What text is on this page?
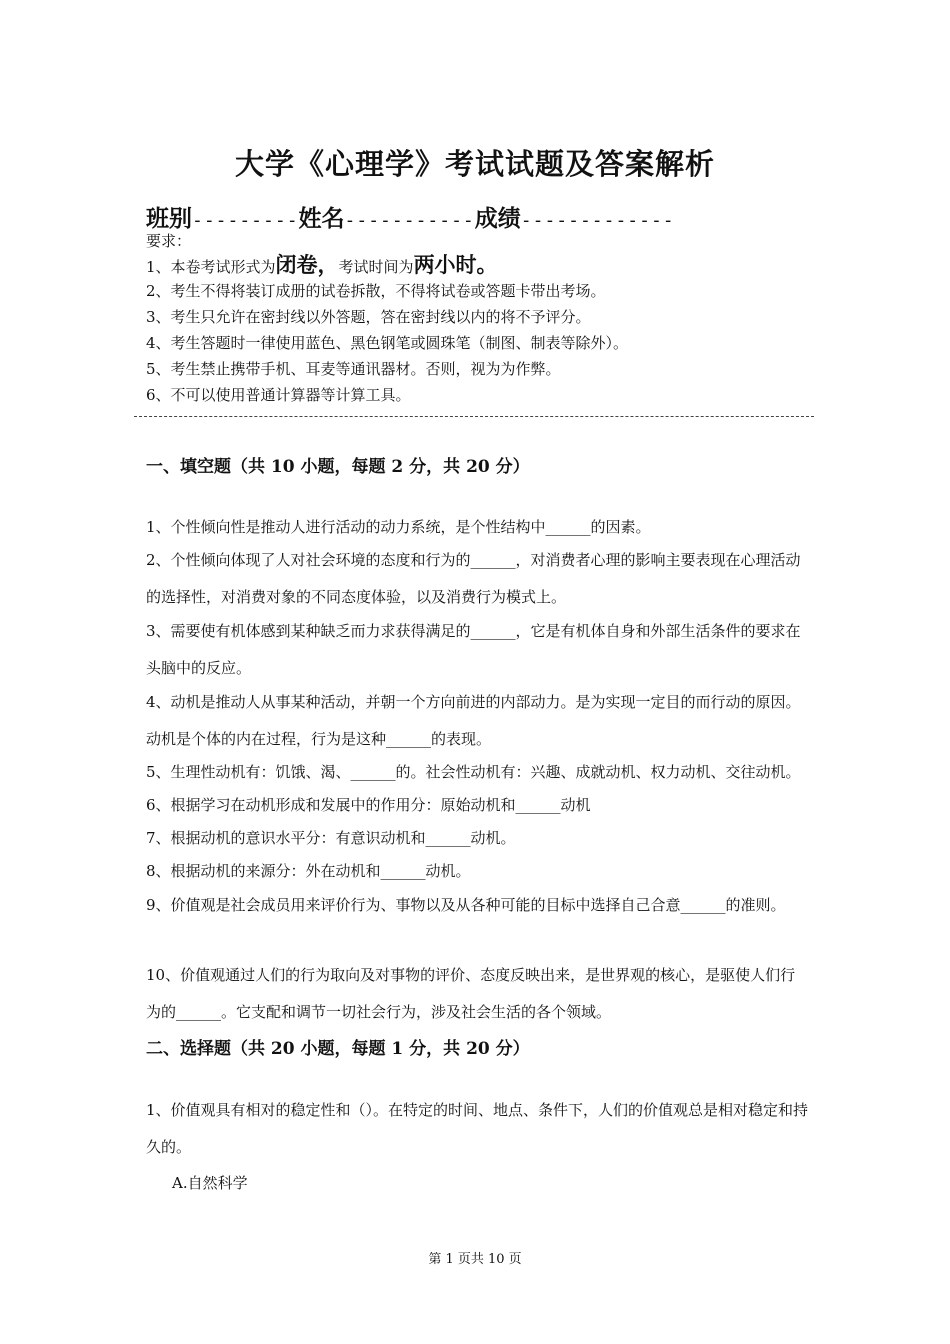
大学《心理学》考试试题及答案解析
班别---------姓名-----------成绩-------------
要求：
1、本卷考试形式为闭卷，考试时间为两小时。
2、考生不得将装订成册的试卷拆散，不得将试卷或答题卡带出考场。
3、考生只允许在密封线以外答题，答在密封线以内的将不予评分。
4、考生答题时一律使用蓝色、黑色钢笔或圆珠笔（制图、制表等除外）。
5、考生禁止携带手机、耳麦等通讯器材。否则，视为为作弊。
6、不可以使用普通计算器等计算工具。
一、填空题（共 10 小题，每题 2 分，共 20 分）
1、个性倾向性是推动人进行活动的动力系统，是个性结构中______的因素。
2、个性倾向体现了人对社会环境的态度和行为的______，对消费者心理的影响主要表现在心理活动的选择性，对消费对象的不同态度体验，以及消费行为模式上。
3、需要使有机体感到某种缺乏而力求获得满足的______，它是有机体自身和外部生活条件的要求在头脑中的反应。
4、动机是推动人从事某种活动，并朝一个方向前进的内部动力。是为实现一定目的而行动的原因。动机是个体的内在过程，行为是这种______的表现。
5、生理性动机有：饥饿、渴、______的。社会性动机有：兴趣、成就动机、权力动机、交往动机。
6、根据学习在动机形成和发展中的作用分：原始动机和______动机
7、根据动机的意识水平分：有意识动机和______动机。
8、根据动机的来源分：外在动机和______动机。
9、价值观是社会成员用来评价行为、事物以及从各种可能的目标中选择自己合意______的准则。
10、价值观通过人们的行为取向及对事物的评价、态度反映出来，是世界观的核心，是驱使人们行为的______。它支配和调节一切社会行为，涉及社会生活的各个领域。
二、选择题（共 20 小题，每题 1 分，共 20 分）
1、价值观具有相对的稳定性和（）。在特定的时间、地点、条件下，人们的价值观总是相对稳定和持久的。
A.自然科学
第 1 页共 10 页
